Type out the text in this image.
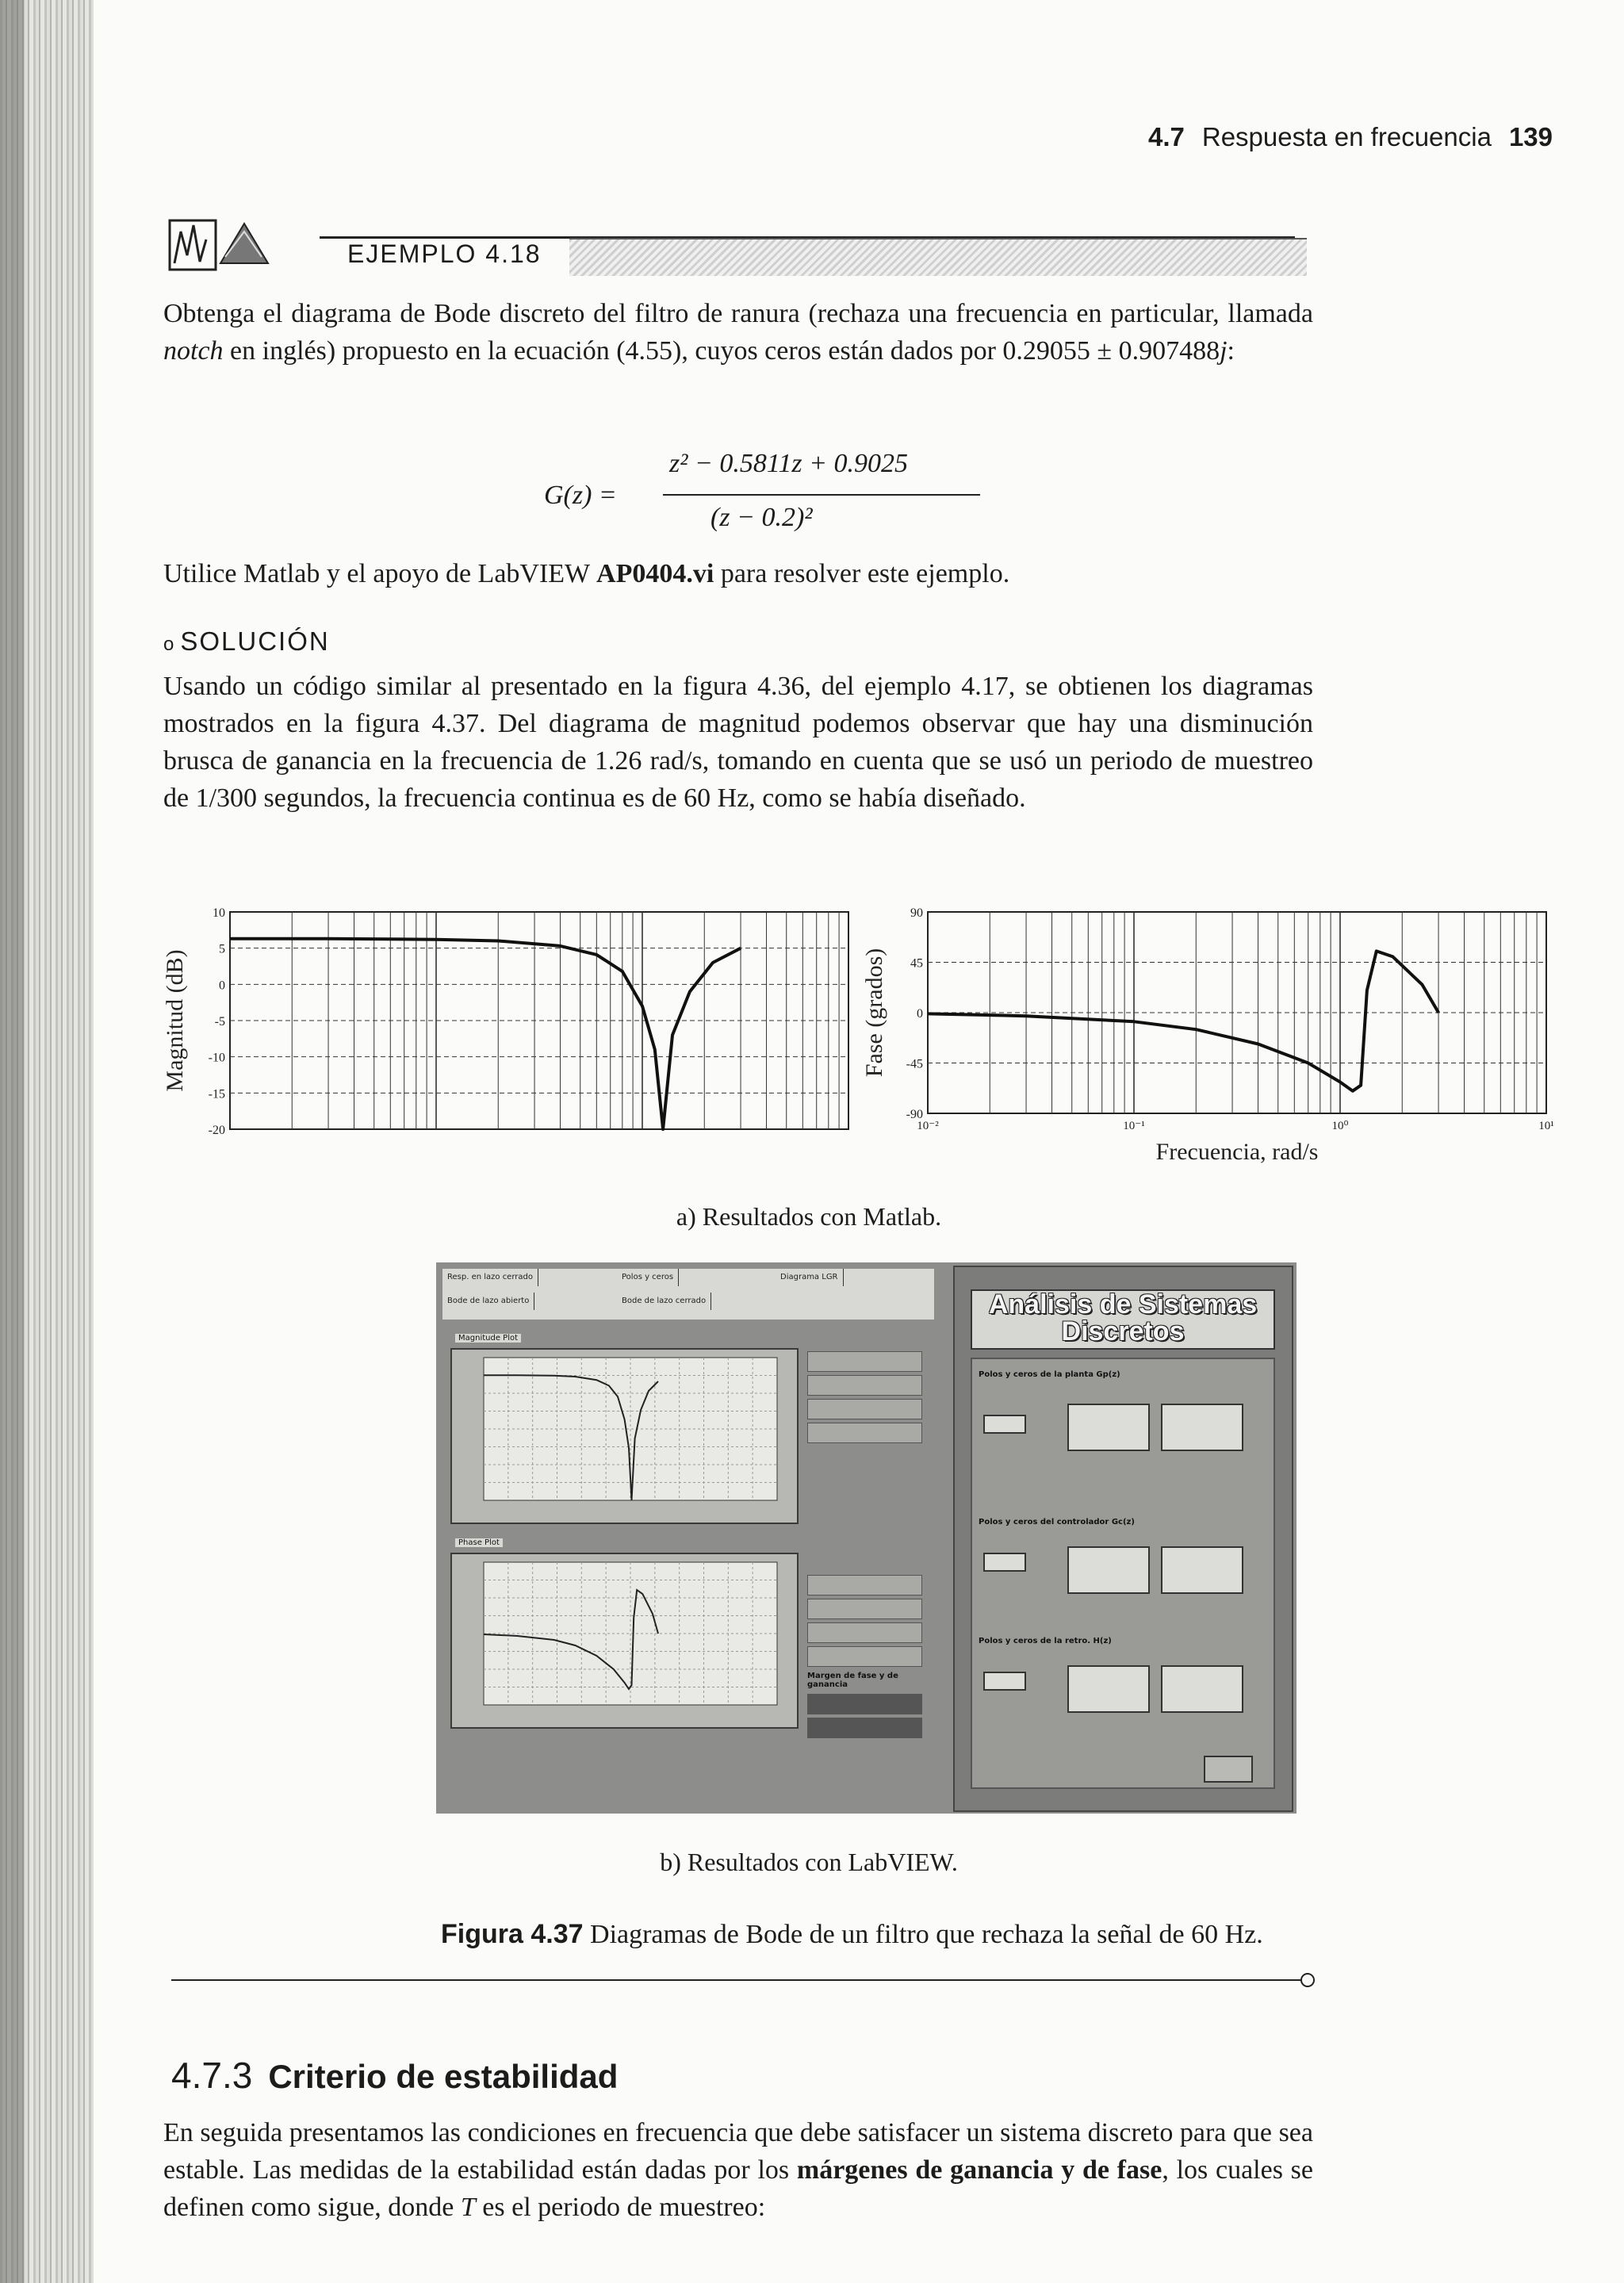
4.7 Respuesta en frecuencia 139
EJEMPLO 4.18
Obtenga el diagrama de Bode discreto del filtro de ranura (rechaza una frecuencia en particular, llamada notch en inglés) propuesto en la ecuación (4.55), cuyos ceros están dados por 0.29055 ± 0.907488j:
G(z) =
z² − 0.5811z + 0.9025
(z − 0.2)²
Utilice Matlab y el apoyo de LabVIEW AP0404.vi para resolver este ejemplo.
o SOLUCIÓN
Usando un código similar al presentado en la figura 4.36, del ejemplo 4.17, se obtienen los diagramas mostrados en la figura 4.37. Del diagrama de magnitud podemos observar que hay una disminución brusca de ganancia en la frecuencia de 1.26 rad/s, tomando en cuenta que se usó un periodo de muestreo de 1/300 segundos, la frecuencia continua es de 60 Hz, como se había diseñado.
10
5
0
-5
-10
-15
-20
Magnitud (dB)
90
45
0
-45
-90
10⁻²	10⁻¹	10⁰	10¹
Fase (grados)
Frecuencia, rad/s
a) Resultados con Matlab.
Resp. en lazo cerrado	Polos y ceros	Diagrama LGR
Bode de lazo abierto	Bode de lazo cerrado
Magnitude Plot
Phase Plot
Margen de fase y de ganancia
Análisis de Sistemas Discretos
Polos y ceros de la planta Gp(z)
Polos y ceros del controlador Gc(z)
Polos y ceros de la retro. H(z)
b) Resultados con LabVIEW.
Figura 4.37 Diagramas de Bode de un filtro que rechaza la señal de 60 Hz.
4.7.3 Criterio de estabilidad
En seguida presentamos las condiciones en frecuencia que debe satisfacer un sistema discreto para que sea estable. Las medidas de la estabilidad están dadas por los márgenes de ganancia y de fase, los cuales se definen como sigue, donde T es el periodo de muestreo:
